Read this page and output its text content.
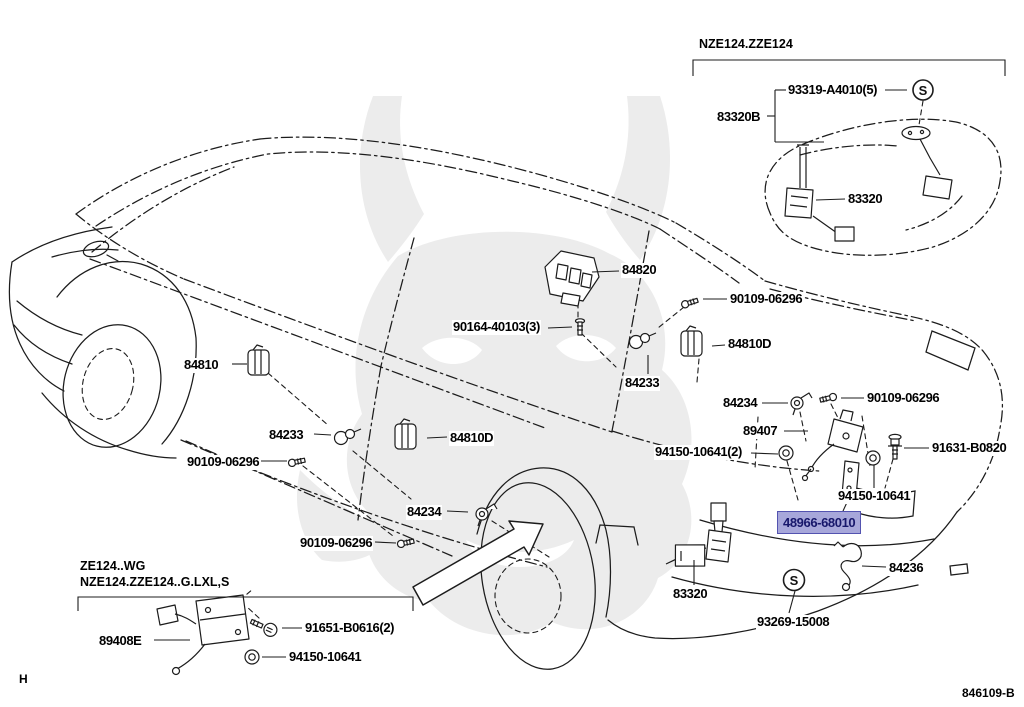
S
S
NZE124.ZZE124
93319-A4010(5)
83320B
83320
84820
90164-40103(3)
90109-06296
84233
84810D
84234	90109-06296
89407
94150-10641(2)	91631-B0820
94150-10641
83320
93269-15008
84236
84810
84233
90109-06296
84810D
84234
90109-06296
ZE124..WG
NZE124.ZZE124..G.LXL,S
89408E
91651-B0616(2)
94150-10641
H
846109-B
48966-68010
